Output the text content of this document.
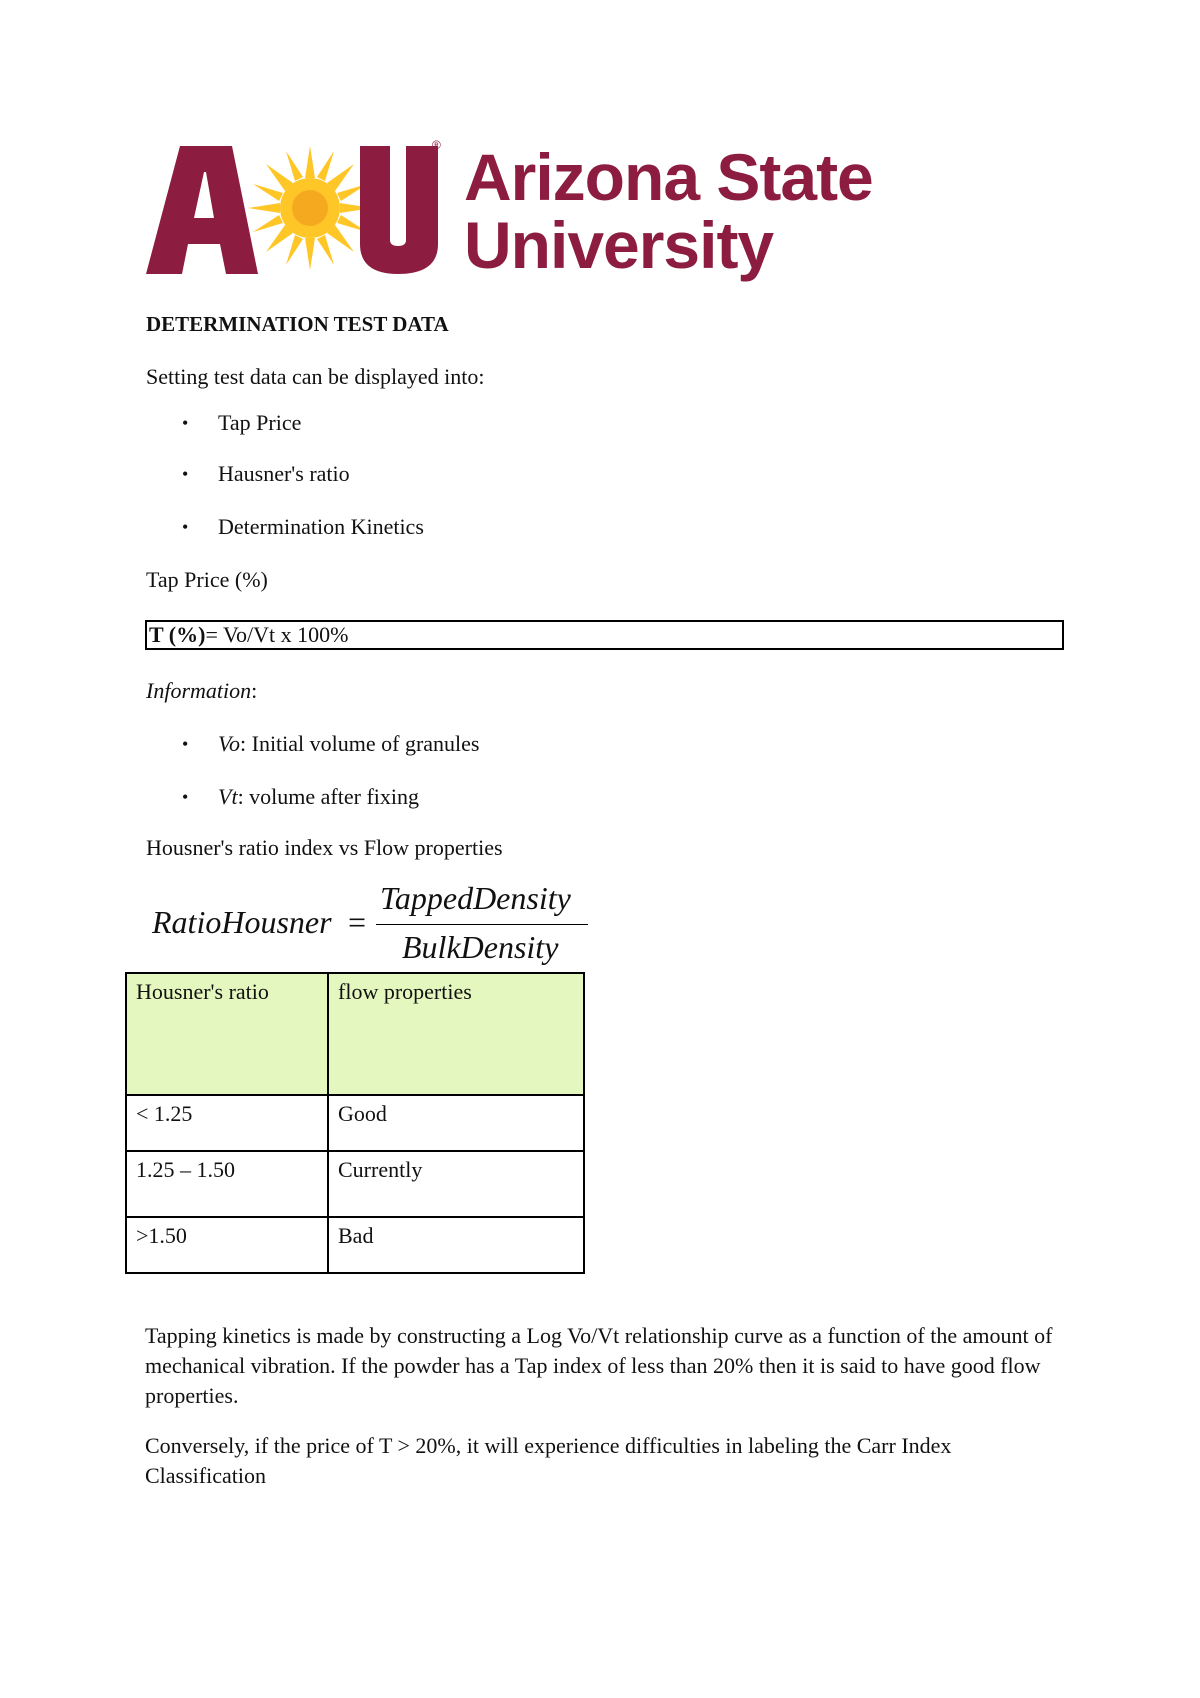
® Arizona State
University
DETERMINATION TEST DATA
Setting test data can be displayed into:
• Tap Price
• Hausner's ratio
• Determination Kinetics
Tap Price (%)
T (%)= Vo/Vt x 100%
Information:
• Vo: Initial volume of granules
• Vt: volume after fixing
Housner's ratio index vs Flow properties
RatioHousner =
TappedDensity
BulkDensity
Housner's ratio	flow properties
< 1.25	Good
1.25 – 1.50	Currently
>1.50	Bad
Tapping kinetics is made by constructing a Log Vo/Vt relationship curve as a function of the amount of mechanical vibration. If the powder has a Tap index of less than 20% then it is said to have good flow properties.
Conversely, if the price of T > 20%, it will experience difficulties in labeling the Carr Index Classification
